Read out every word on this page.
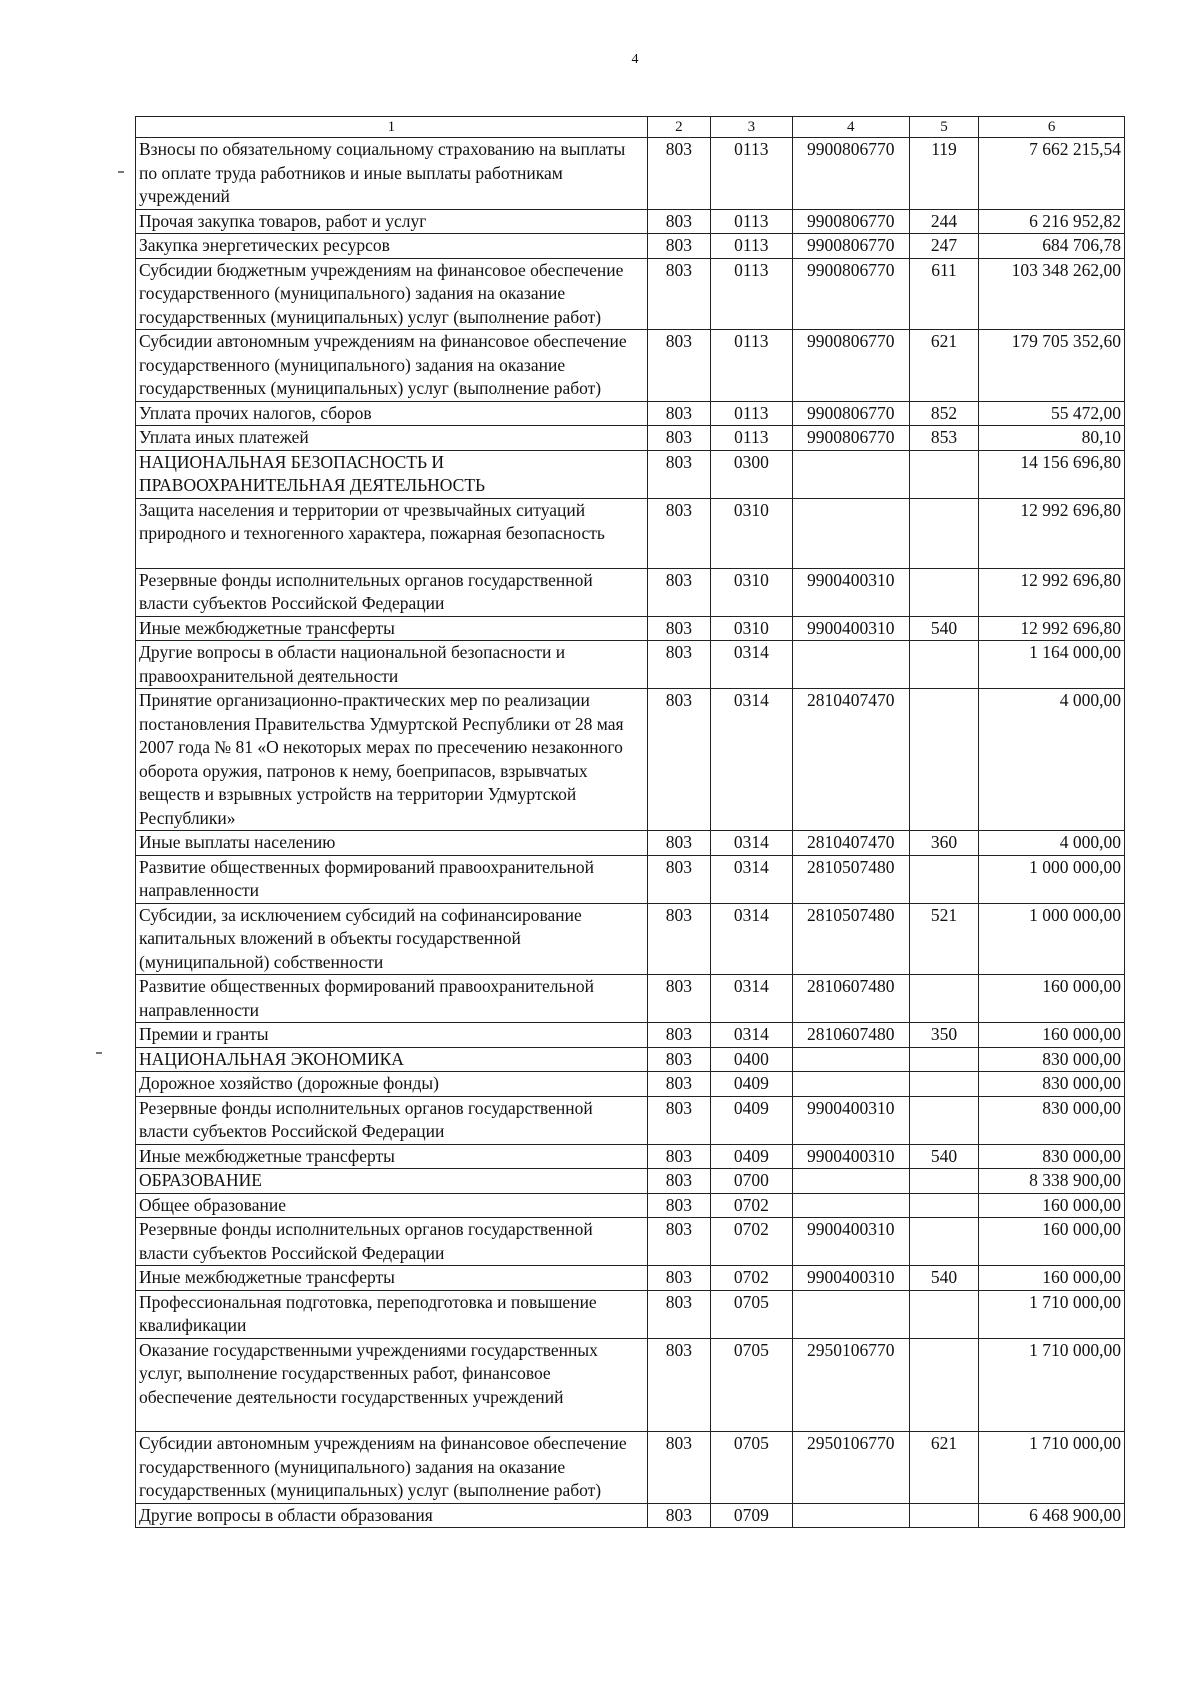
4
1	2	3	4	5	6
Взносы по обязательному социальному страхованию на выплаты по оплате труда работников и иные выплаты работникам учреждений	803	0113	9900806770	119	7 662 215,54
Прочая закупка товаров, работ и услуг	803	0113	9900806770	244	6 216 952,82
Закупка энергетических ресурсов	803	0113	9900806770	247	684 706,78
Субсидии бюджетным учреждениям на финансовое обеспечение государственного (муниципального) задания на оказание государственных (муниципальных) услуг (выполнение работ)	803	0113	9900806770	611	103 348 262,00
Субсидии автономным учреждениям на финансовое обеспечение государственного (муниципального) задания на оказание государственных (муниципальных) услуг (выполнение работ)	803	0113	9900806770	621	179 705 352,60
Уплата прочих налогов, сборов	803	0113	9900806770	852	55 472,00
Уплата иных платежей	803	0113	9900806770	853	80,10
НАЦИОНАЛЬНАЯ БЕЗОПАСНОСТЬ И ПРАВООХРАНИТЕЛЬНАЯ ДЕЯТЕЛЬНОСТЬ	803	0300			14 156 696,80
Защита населения и территории от чрезвычайных ситуаций природного и техногенного характера, пожарная безопасность	803	0310			12 992 696,80
Резервные фонды исполнительных органов государственной власти субъектов Российской Федерации	803	0310	9900400310		12 992 696,80
Иные межбюджетные трансферты	803	0310	9900400310	540	12 992 696,80
Другие вопросы в области национальной безопасности и правоохранительной деятельности	803	0314			1 164 000,00
Принятие организационно-практических мер по реализации постановления Правительства Удмуртской Республики от 28 мая 2007 года № 81 «О некоторых мерах по пресечению незаконного оборота оружия, патронов к нему, боеприпасов, взрывчатых веществ и взрывных устройств на территории Удмуртской Республики»	803	0314	2810407470		4 000,00
Иные выплаты населению	803	0314	2810407470	360	4 000,00
Развитие общественных формирований правоохранительной направленности	803	0314	2810507480		1 000 000,00
Субсидии, за исключением субсидий на софинансирование капитальных вложений в объекты государственной (муниципальной) собственности	803	0314	2810507480	521	1 000 000,00
Развитие общественных формирований правоохранительной направленности	803	0314	2810607480		160 000,00
Премии и гранты	803	0314	2810607480	350	160 000,00
НАЦИОНАЛЬНАЯ ЭКОНОМИКА	803	0400			830 000,00
Дорожное хозяйство (дорожные фонды)	803	0409			830 000,00
Резервные фонды исполнительных органов государственной власти субъектов Российской Федерации	803	0409	9900400310		830 000,00
Иные межбюджетные трансферты	803	0409	9900400310	540	830 000,00
ОБРАЗОВАНИЕ	803	0700			8 338 900,00
Общее образование	803	0702			160 000,00
Резервные фонды исполнительных органов государственной власти субъектов Российской Федерации	803	0702	9900400310		160 000,00
Иные межбюджетные трансферты	803	0702	9900400310	540	160 000,00
Профессиональная подготовка, переподготовка и повышение квалификации	803	0705			1 710 000,00
Оказание государственными учреждениями государственных услуг, выполнение государственных работ, финансовое обеспечение деятельности государственных учреждений	803	0705	2950106770		1 710 000,00
Субсидии автономным учреждениям на финансовое обеспечение государственного (муниципального) задания на оказание государственных (муниципальных) услуг (выполнение работ)	803	0705	2950106770	621	1 710 000,00
Другие вопросы в области образования	803	0709			6 468 900,00
